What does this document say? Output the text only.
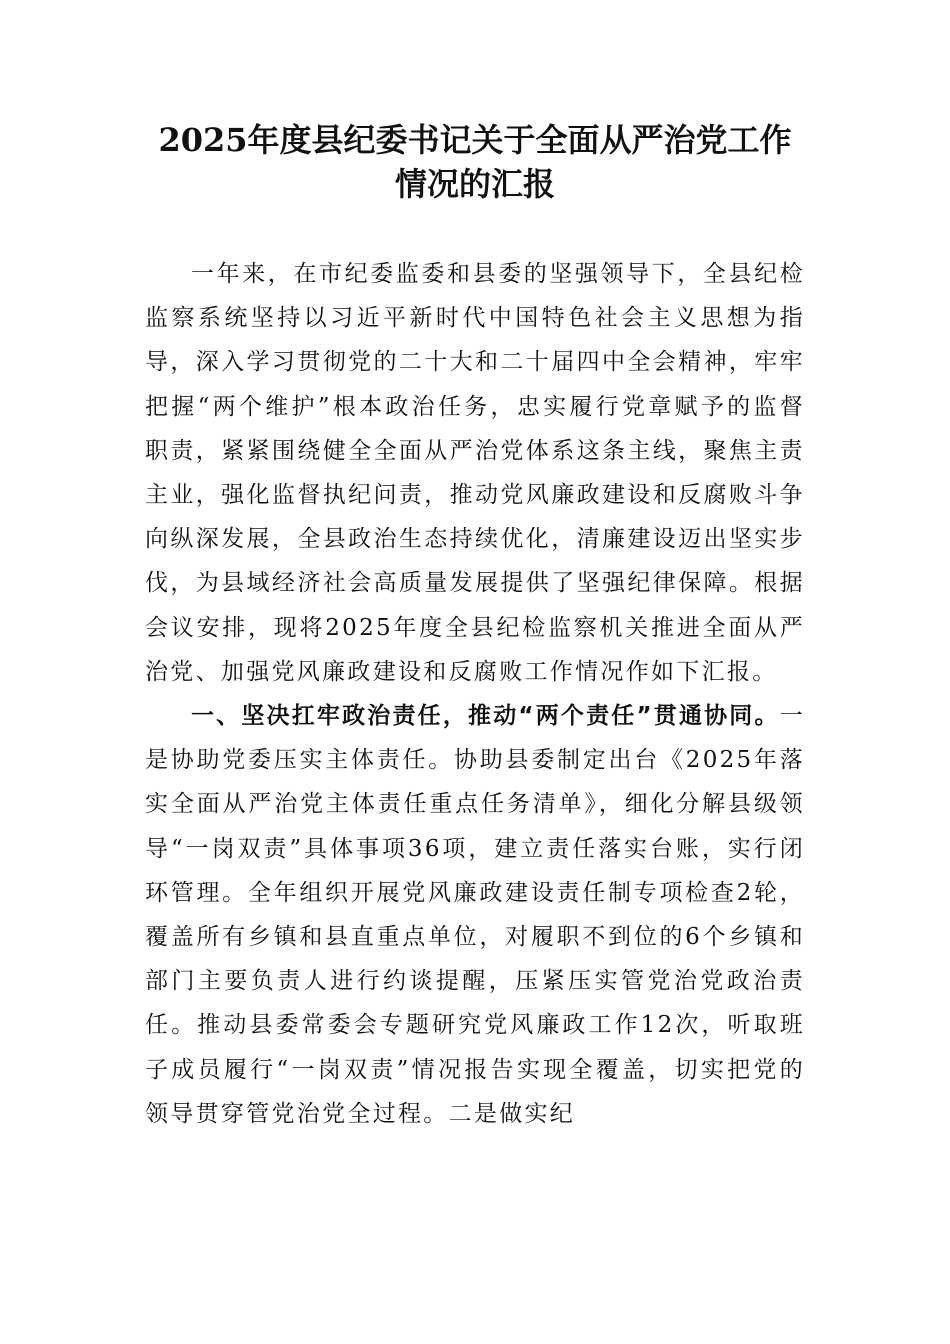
2025年度县纪委书记关于全面从严治党工作情况的汇报

一年来，在市纪委监委和县委的坚强领导下，全县纪检监察系统坚持以习近平新时代中国特色社会主义思想为指导，深入学习贯彻党的二十大和二十届四中全会精神，牢牢把握“两个维护”根本政治任务，忠实履行党章赋予的监督职责，紧紧围绕健全全面从严治党体系这条主线，聚焦主责主业，强化监督执纪问责，推动党风廉政建设和反腐败斗争向纵深发展，全县政治生态持续优化，清廉建设迈出坚实步伐，为县域经济社会高质量发展提供了坚强纪律保障。根据会议安排，现将2025年度全县纪检监察机关推进全面从严治党、加强党风廉政建设和反腐败工作情况作如下汇报。

一、坚决扛牢政治责任，推动“两个责任”贯通协同。一是协助党委压实主体责任。协助县委制定出台《2025年落实全面从严治党主体责任重点任务清单》，细化分解县级领导“一岗双责”具体事项36项，建立责任落实台账，实行闭环管理。全年组织开展党风廉政建设责任制专项检查2轮，覆盖所有乡镇和县直重点单位，对履职不到位的6个乡镇和部门主要负责人进行约谈提醒，压紧压实管党治党政治责任。推动县委常委会专题研究党风廉政工作12次，听取班子成员履行“一岗双责”情况报告实现全覆盖，切实把党的领导贯穿管党治党全过程。二是做实纪
